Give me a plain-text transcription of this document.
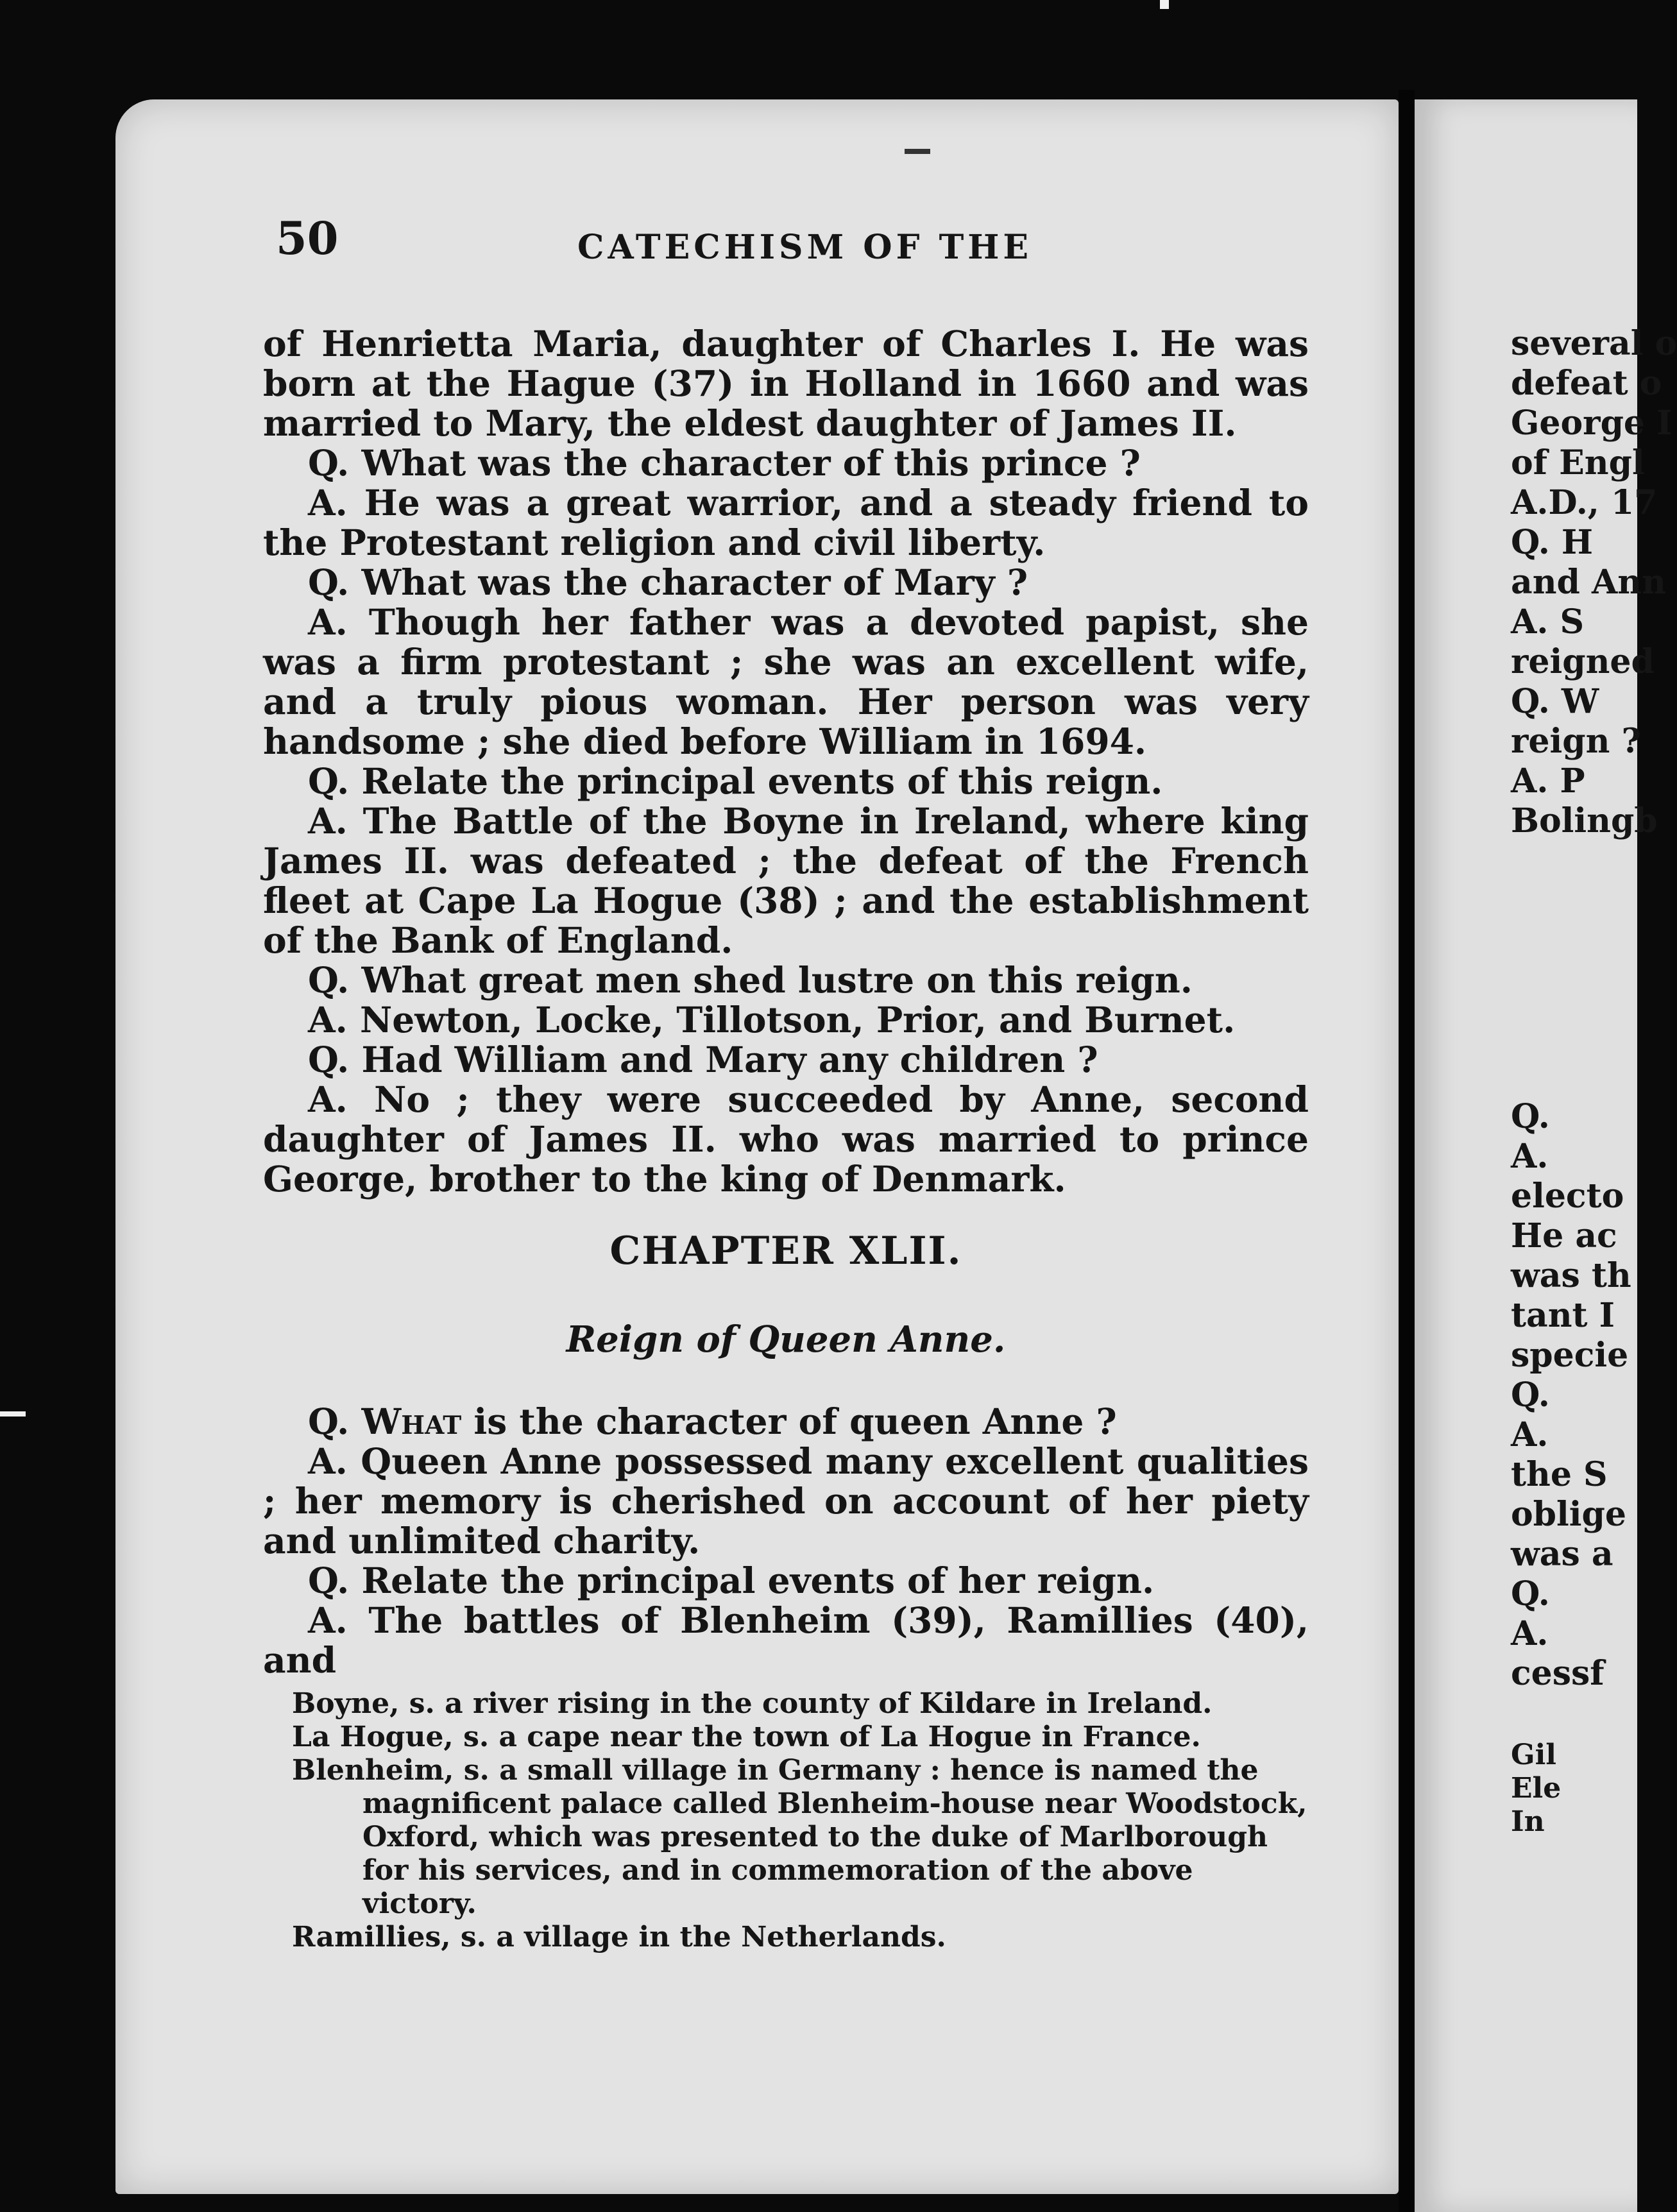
50	CATECHISM OF THE

of Henrietta Maria, daughter of Charles I. He was born at the Hague (37) in Holland in 1660 and was married to Mary, the eldest daughter of James II.

Q. What was the character of this prince ?

A. He was a great warrior, and a steady friend to the Protestant religion and civil liberty.

Q. What was the character of Mary ?

A. Though her father was a devoted papist, she was a firm protestant ; she was an excellent wife, and a truly pious woman. Her person was very handsome ; she died before William in 1694.

Q. Relate the principal events of this reign.

A. The Battle of the Boyne in Ireland, where king James II. was defeated ; the defeat of the French fleet at Cape La Hogue (38) ; and the establishment of the Bank of England.

Q. What great men shed lustre on this reign.

A. Newton, Locke, Tillotson, Prior, and Burnet.

Q. Had William and Mary any children ?

A. No ; they were succeeded by Anne, second daughter of James II. who was married to prince George, brother to the king of Denmark.

CHAPTER XLII.
Reign of Queen Anne.

Q. What is the character of queen Anne ?

A. Queen Anne possessed many excellent qualities ; her memory is cherished on account of her piety and unlimited charity.

Q. Relate the principal events of her reign.

A. The battles of Blenheim (39), Ramillies (40), and

Boyne, s. a river rising in the county of Kildare in Ireland.

La Hogue, s. a cape near the town of La Hogue in France.

Blenheim, s. a small village in Germany : hence is named the magnificent palace called Blenheim-house near Woodstock, Oxford, which was presented to the duke of Marlborough for his services, and in commemoration of the above victory.

Ramillies, s. a village in the Netherlands.

several o
defeat o
George I
of Engl
A.D., 17
Q. H
and Ann
A. S
reigned
Q. W
reign ?
A. P
Bolingb
Q.
A.
electo
He ac
was th
tant I
specie
Q.
A.
the S
oblige
was a
Q.
A.
cessf
Gil
Ele
In
